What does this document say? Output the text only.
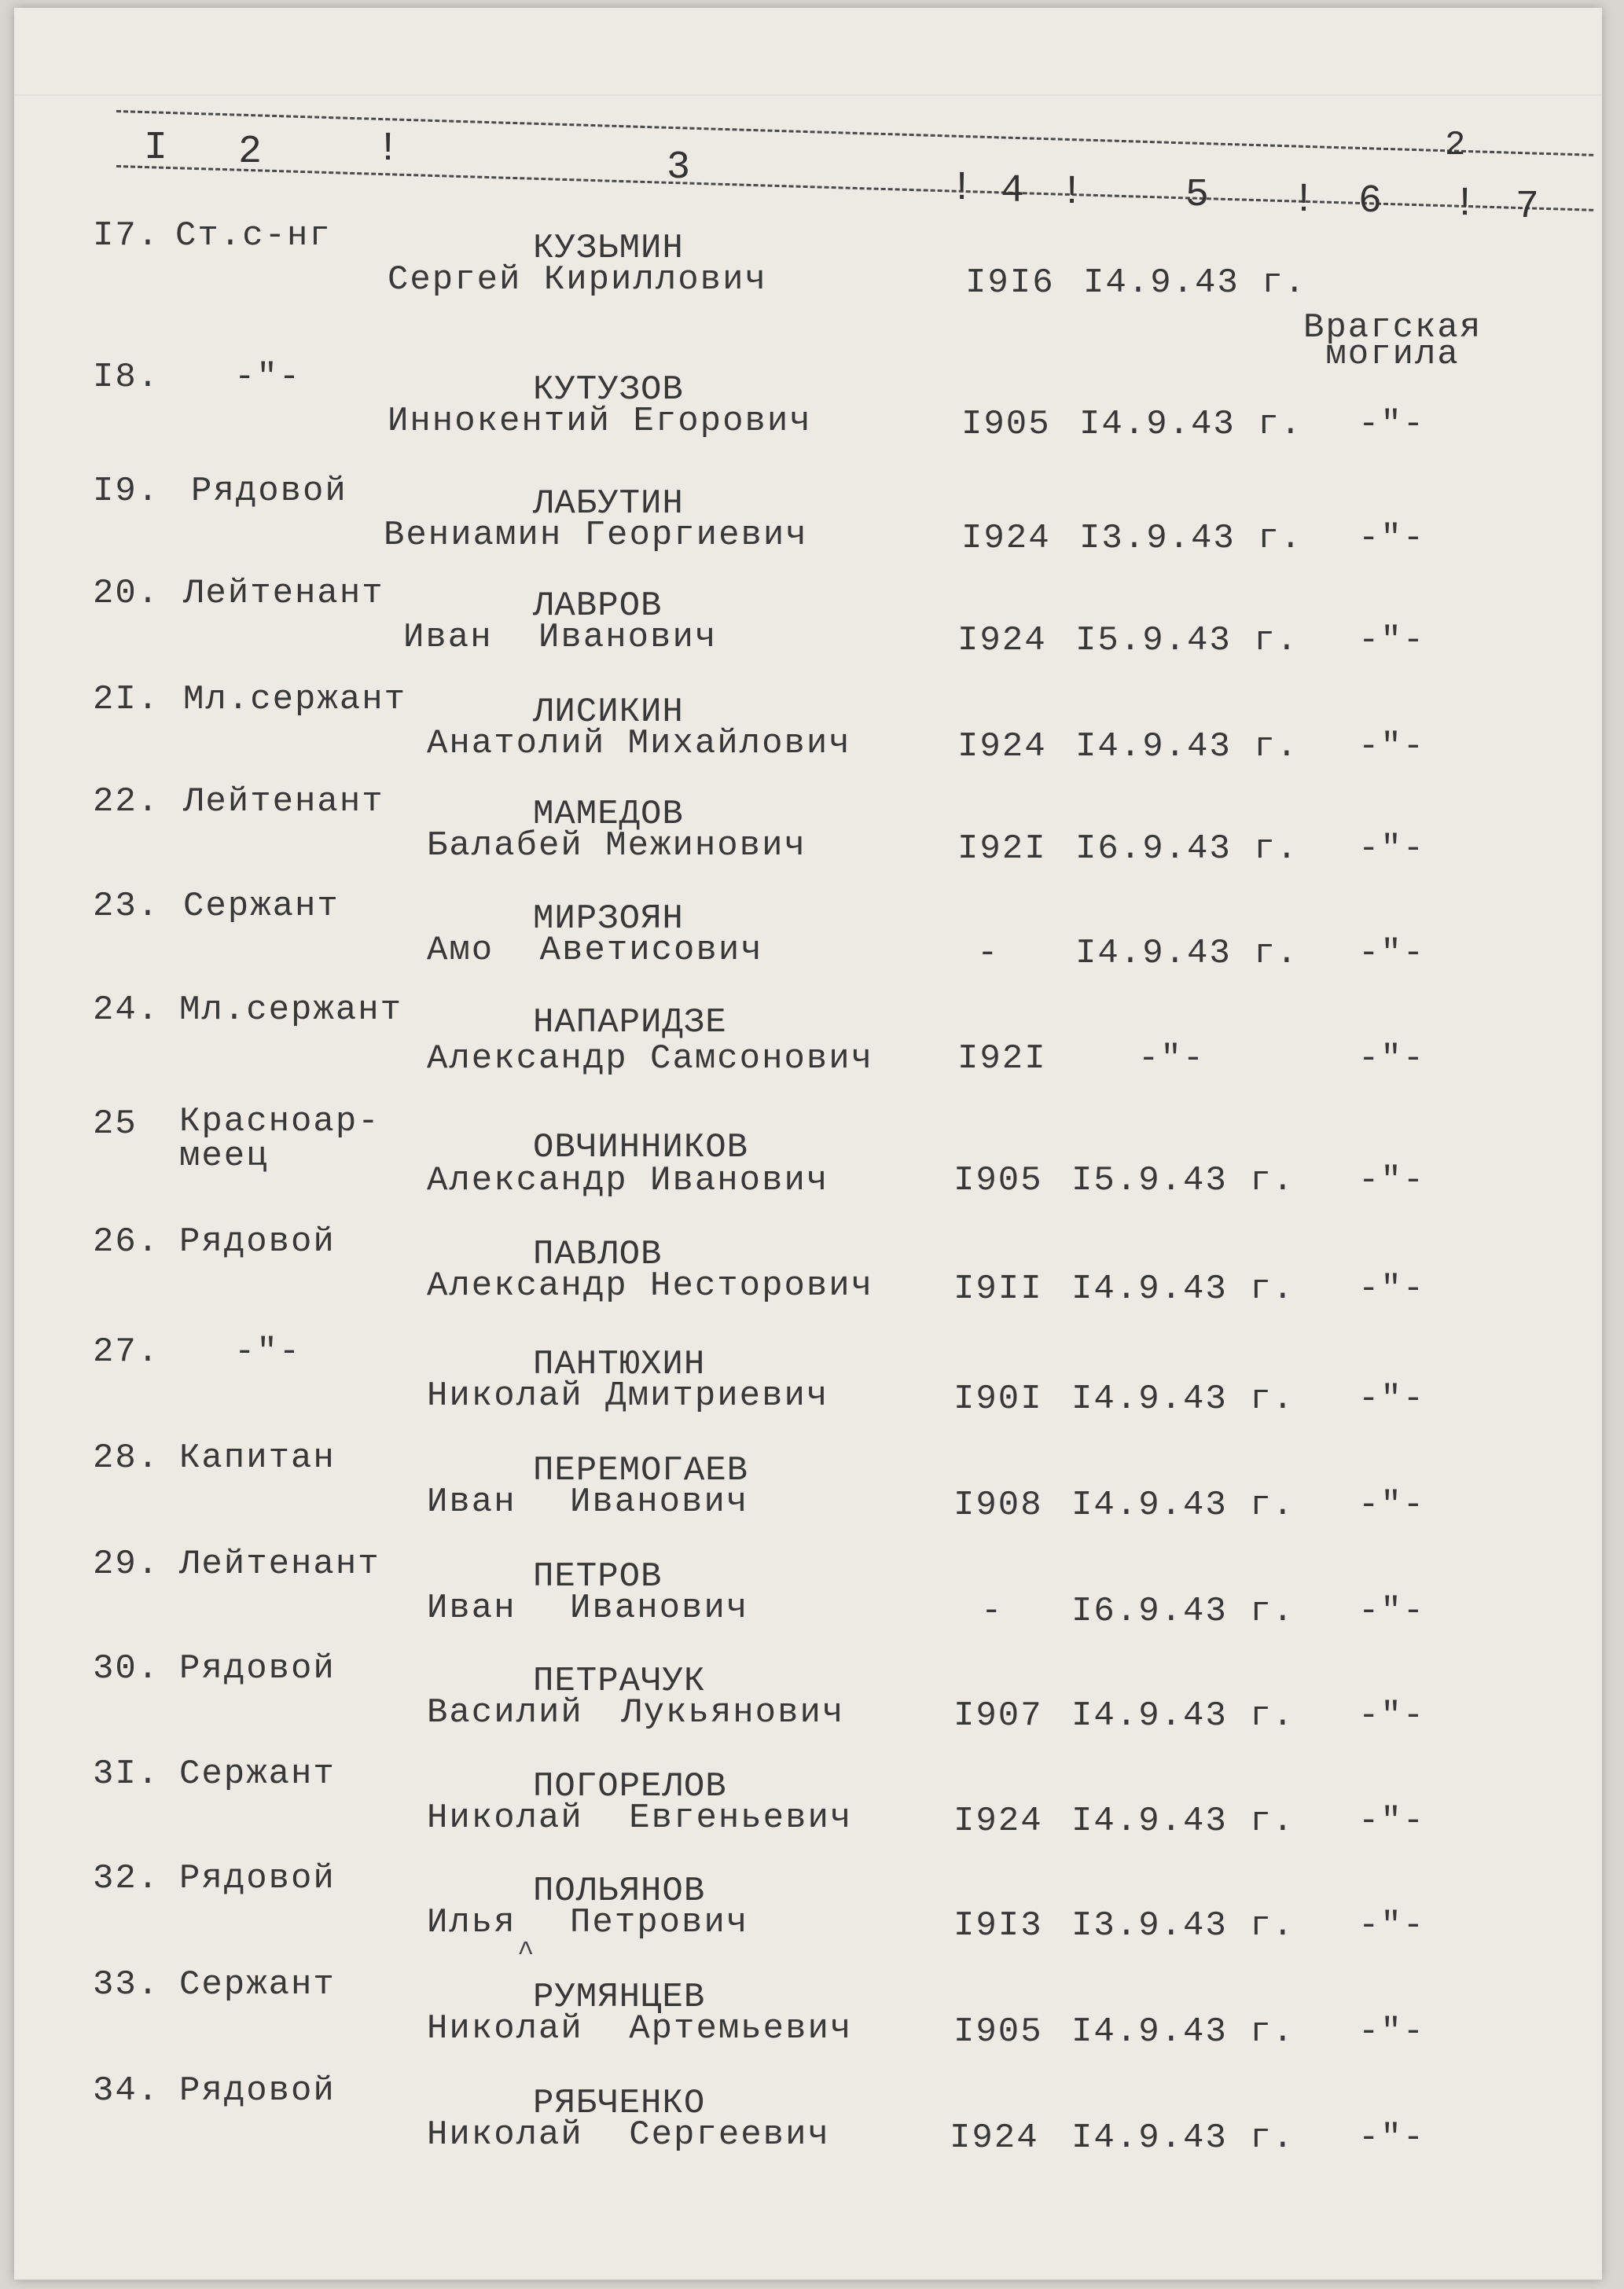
I 2	!	3	! 4 !	5 ! 6 ! 7
2
I7. Ст.с-нг	КУЗЬМИН
Сергей Кириллович	I9I6 I4.9.43 г.
Врагская
могила
I8. -"-	КУТУЗОВ
Иннокентий Егорович	I905 I4.9.43 г. -"-
I9. Рядовой	ЛАБУТИН
Вениамин Георгиевич	I924 I3.9.43 г. -"-
20. Лейтенант	ЛАВРОВ
Иван Иванович	I924 I5.9.43 г. -"-
2I. Мл.сержант	ЛИСИКИН
Анатолий Михайлович	I924 I4.9.43 г. -"-
22. Лейтенант	МАМЕДОВ
Балабей Межинович	I92I I6.9.43 г. -"-
23. Сержант	МИРЗОЯН
Амо Аветисович	- I4.9.43 г. -"-
24. Мл.сержант	НАПАРИДЗЕ
Александр Самсонович I92I	-"-	-"-
25 Красноар-
меец	ОВЧИННИКОВ
Александр Иванович	I905 I5.9.43 г. -"-
26. Рядовой	ПАВЛОВ
Александр Несторович I9II I4.9.43 г. -"-
27. -"-	ПАНТЮХИН
Николай Дмитриевич	I90I I4.9.43 г. -"-
28. Капитан	ПЕРЕМОГАЕВ
Иван Иванович	I908 I4.9.43 г. -"-
29. Лейтенант	ПЕТРОВ
Иван Иванович	- I6.9.43 г. -"-
30. Рядовой	ПЕТРАЧУК
Василий Лукьянович	I907 I4.9.43 г. -"-
3I. Сержант	ПОГОРЕЛОВ
Николай Евгеньевич	I924 I4.9.43 г. -"-
32. Рядовой	ПОЛЬЯНОВ
Илья Петрович	I9I3 I3.9.43 г. -"-
33. Сержант	РУМЯНЦЕВ
Николай Артемьевич	I905 I4.9.43 г. -"-
34. Рядовой	РЯБЧЕНКО
Николай Сергеевич	I924 I4.9.43 г. -"-
^
